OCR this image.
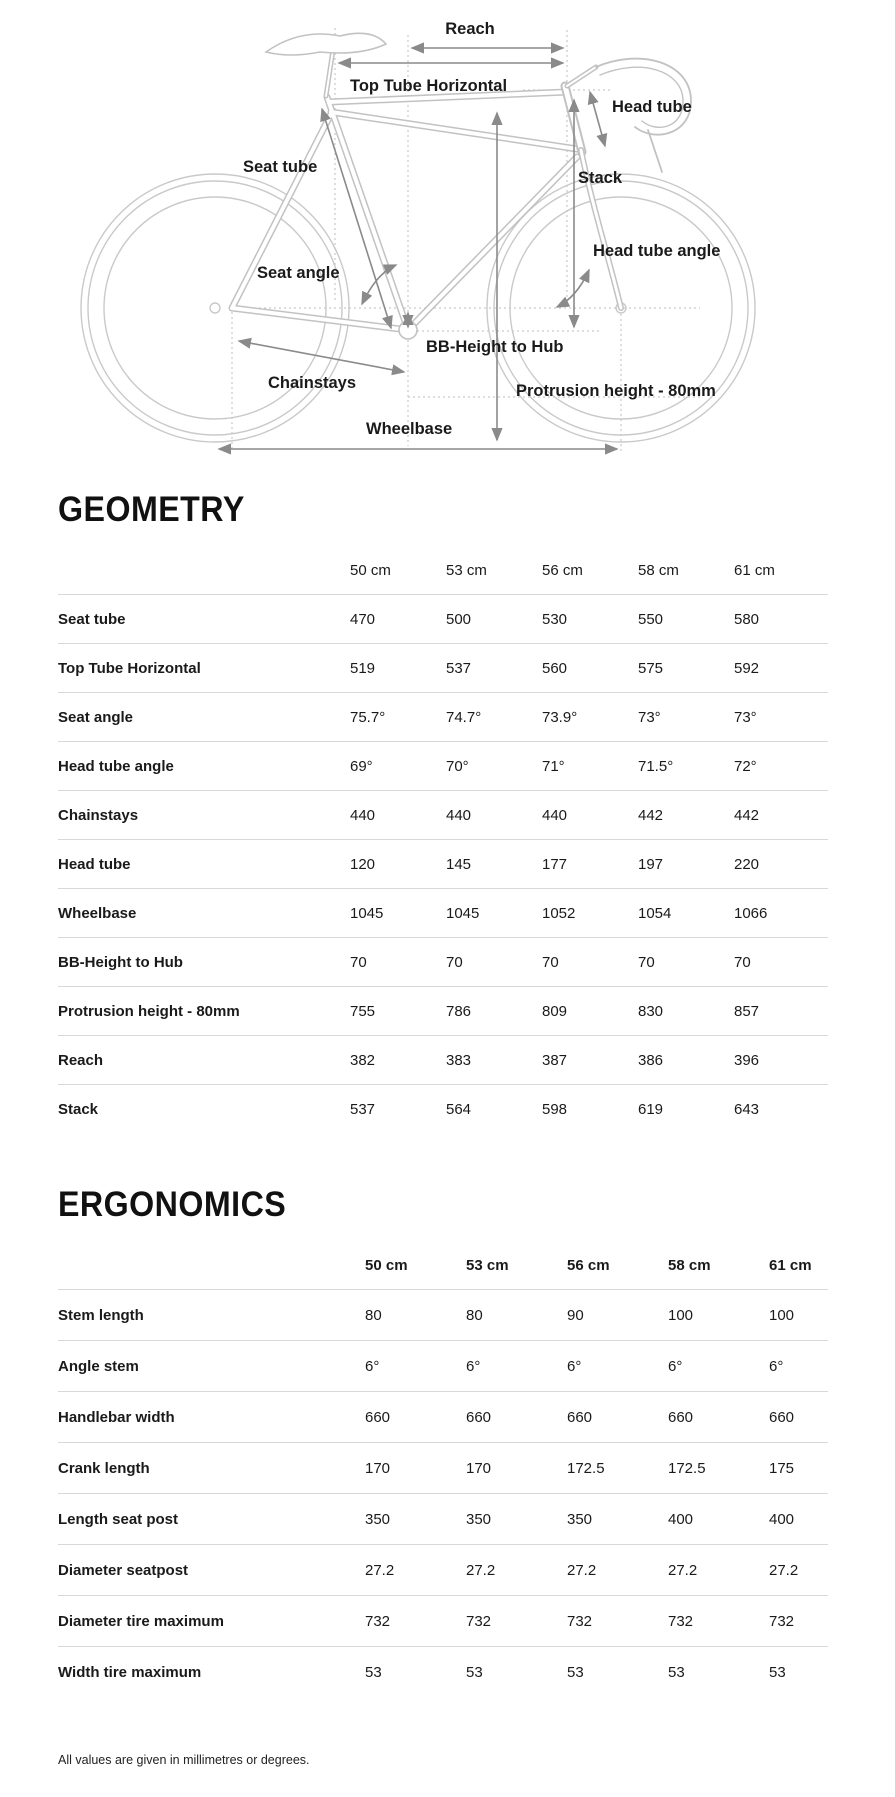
Reach
Top Tube Horizontal
Head tube
Seat tube
Stack
Head tube angle
Seat angle
BB-Height to Hub
Chainstays	Protrusion height - 80mm
Wheelbase
GEOMETRY
50 cm	53 cm	56 cm	58 cm	61 cm
Seat tube	470	500	530	550	580
Top Tube Horizontal	519	537	560	575	592
Seat angle	75.7°	74.7°	73.9°	73°	73°
Head tube angle	69°	70°	71°	71.5°	72°
Chainstays	440	440	440	442	442
Head tube	120	145	177	197	220
Wheelbase	1045	1045	1052	1054	1066
BB-Height to Hub	70	70	70	70	70
Protrusion height - 80mm	755	786	809	830	857
Reach	382	383	387	386	396
Stack	537	564	598	619	643
ERGONOMICS
50 cm	53 cm	56 cm	58 cm	61 cm
Stem length	80	80	90	100	100
Angle stem	6°	6°	6°	6°	6°
Handlebar width	660	660	660	660	660
Crank length	170	170	172.5	172.5	175
Length seat post	350	350	350	400	400
Diameter seatpost	27.2	27.2	27.2	27.2	27.2
Diameter tire maximum	732	732	732	732	732
Width tire maximum	53	53	53	53	53
All values are given in millimetres or degrees.
